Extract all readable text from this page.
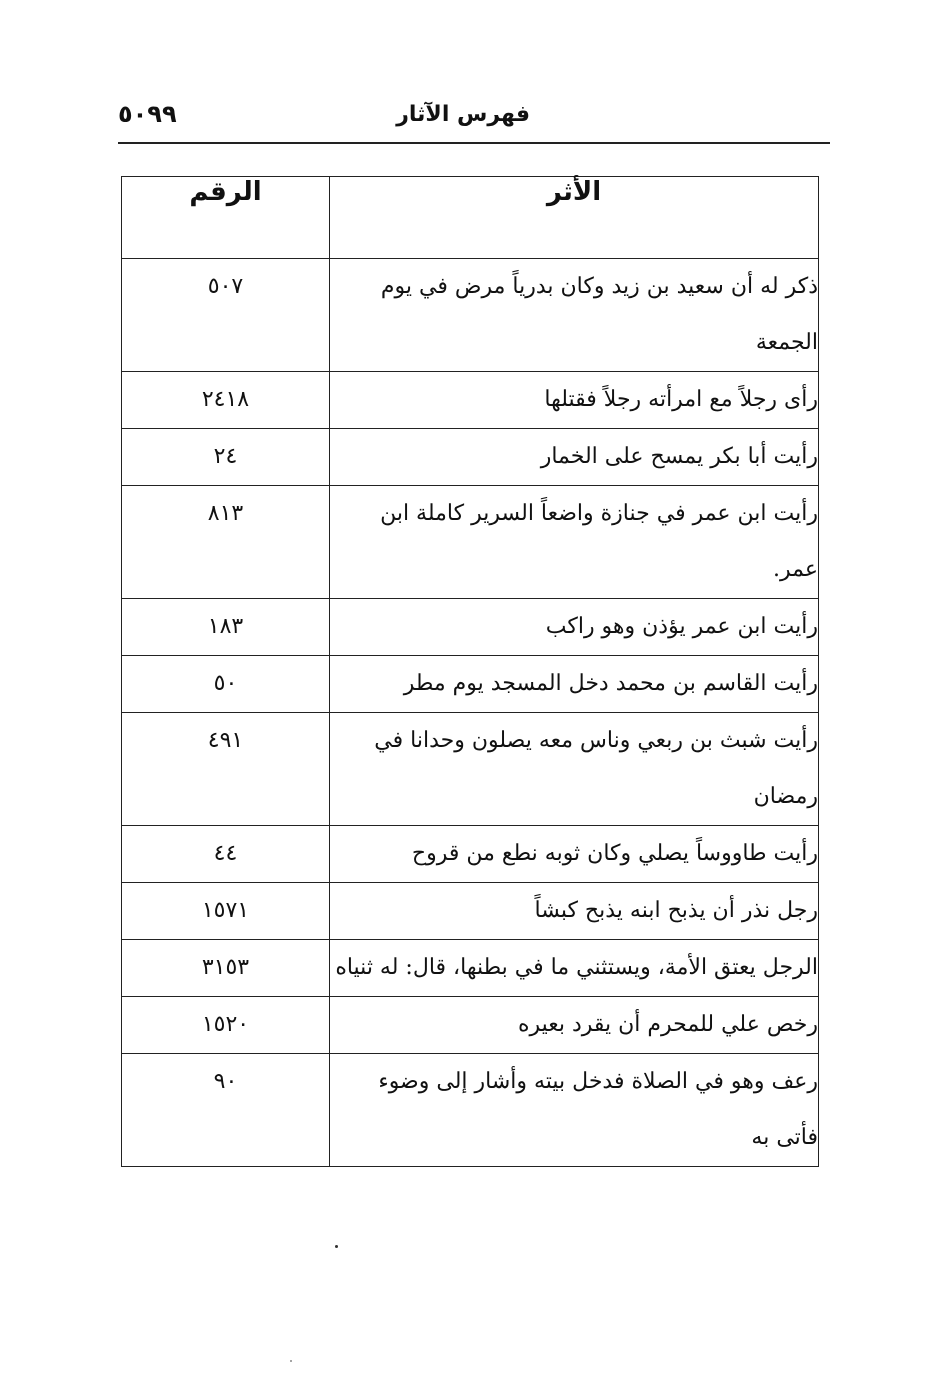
فهرس الآثار
٥٠٩٩
الأثر	الرقم
ذكر له أن سعيد بن زيد وكان بدرياً مرض في يوم الجمعة	٥٠٧
رأى رجلاً مع امرأته رجلاً فقتلها	٢٤١٨
رأيت أبا بكر يمسح على الخمار	٢٤
رأيت ابن عمر في جنازة واضعاً السرير كاملة ابن عمر.	٨١٣
رأيت ابن عمر يؤذن وهو راكب	١٨٣
رأيت القاسم بن محمد دخل المسجد يوم مطر	٥٠
رأيت شبث بن ربعي وناس معه يصلون وحدانا في رمضان	٤٩١
رأيت طاووساً يصلي وكان ثوبه نطع من قروح	٤٤
رجل نذر أن يذبح ابنه يذبح كبشاً	١٥٧١
الرجل يعتق الأمة، ويستثني ما في بطنها، قال: له ثنياه	٣١٥٣
رخص علي للمحرم أن يقرد بعيره	١٥٢٠
رعف وهو في الصلاة فدخل بيته وأشار إلى وضوء فأتى به	٩٠
